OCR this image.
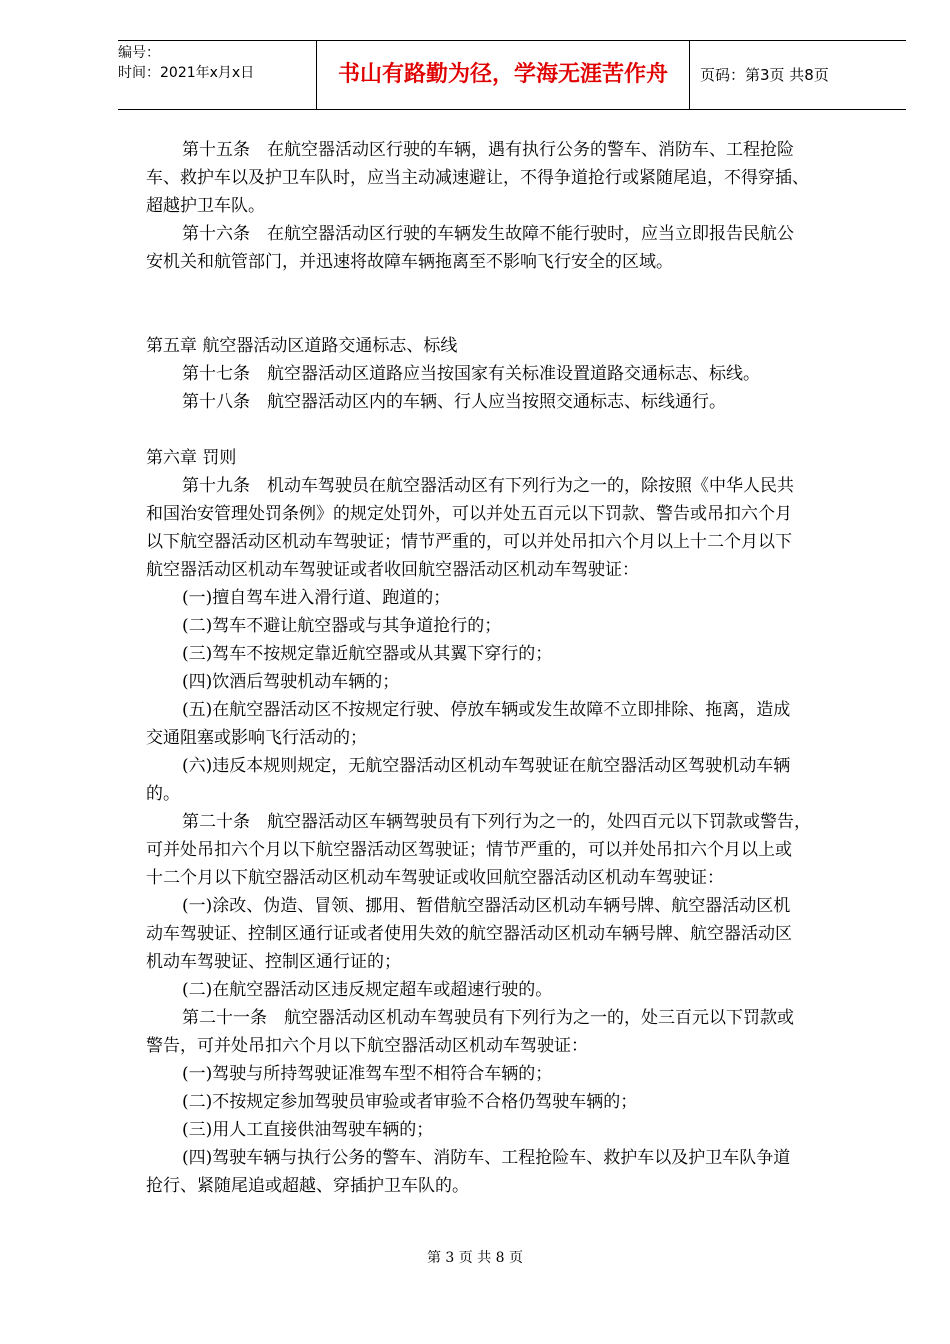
编号：
时间：2021年x月x日	书山有路勤为径，学海无涯苦作舟	页码：第3页 共8页
第十五条　在航空器活动区行驶的车辆，遇有执行公务的警车、消防车、工程抢险
车、救护车以及护卫车队时，应当主动减速避让，不得争道抢行或紧随尾追，不得穿插、
超越护卫车队。
第十六条　在航空器活动区行驶的车辆发生故障不能行驶时，应当立即报告民航公
安机关和航管部门，并迅速将故障车辆拖离至不影响飞行安全的区域。
第五章 航空器活动区道路交通标志、标线
第十七条　航空器活动区道路应当按国家有关标准设置道路交通标志、标线。
第十八条　航空器活动区内的车辆、行人应当按照交通标志、标线通行。
第六章 罚则
第十九条　机动车驾驶员在航空器活动区有下列行为之一的，除按照《中华人民共
和国治安管理处罚条例》的规定处罚外，可以并处五百元以下罚款、警告或吊扣六个月
以下航空器活动区机动车驾驶证；情节严重的，可以并处吊扣六个月以上十二个月以下
航空器活动区机动车驾驶证或者收回航空器活动区机动车驾驶证：
(一)擅自驾车进入滑行道、跑道的；
(二)驾车不避让航空器或与其争道抢行的；
(三)驾车不按规定靠近航空器或从其翼下穿行的；
(四)饮酒后驾驶机动车辆的；
(五)在航空器活动区不按规定行驶、停放车辆或发生故障不立即排除、拖离，造成
交通阻塞或影响飞行活动的；
(六)违反本规则规定，无航空器活动区机动车驾驶证在航空器活动区驾驶机动车辆
的。
第二十条　航空器活动区车辆驾驶员有下列行为之一的，处四百元以下罚款或警告，
可并处吊扣六个月以下航空器活动区驾驶证；情节严重的，可以并处吊扣六个月以上或
十二个月以下航空器活动区机动车驾驶证或收回航空器活动区机动车驾驶证：
(一)涂改、伪造、冒领、挪用、暂借航空器活动区机动车辆号牌、航空器活动区机
动车驾驶证、控制区通行证或者使用失效的航空器活动区机动车辆号牌、航空器活动区
机动车驾驶证、控制区通行证的；
(二)在航空器活动区违反规定超车或超速行驶的。
第二十一条　航空器活动区机动车驾驶员有下列行为之一的，处三百元以下罚款或
警告，可并处吊扣六个月以下航空器活动区机动车驾驶证：
(一)驾驶与所持驾驶证准驾车型不相符合车辆的；
(二)不按规定参加驾驶员审验或者审验不合格仍驾驶车辆的；
(三)用人工直接供油驾驶车辆的；
(四)驾驶车辆与执行公务的警车、消防车、工程抢险车、救护车以及护卫车队争道
抢行、紧随尾追或超越、穿插护卫车队的。
第 3 页 共 8 页
